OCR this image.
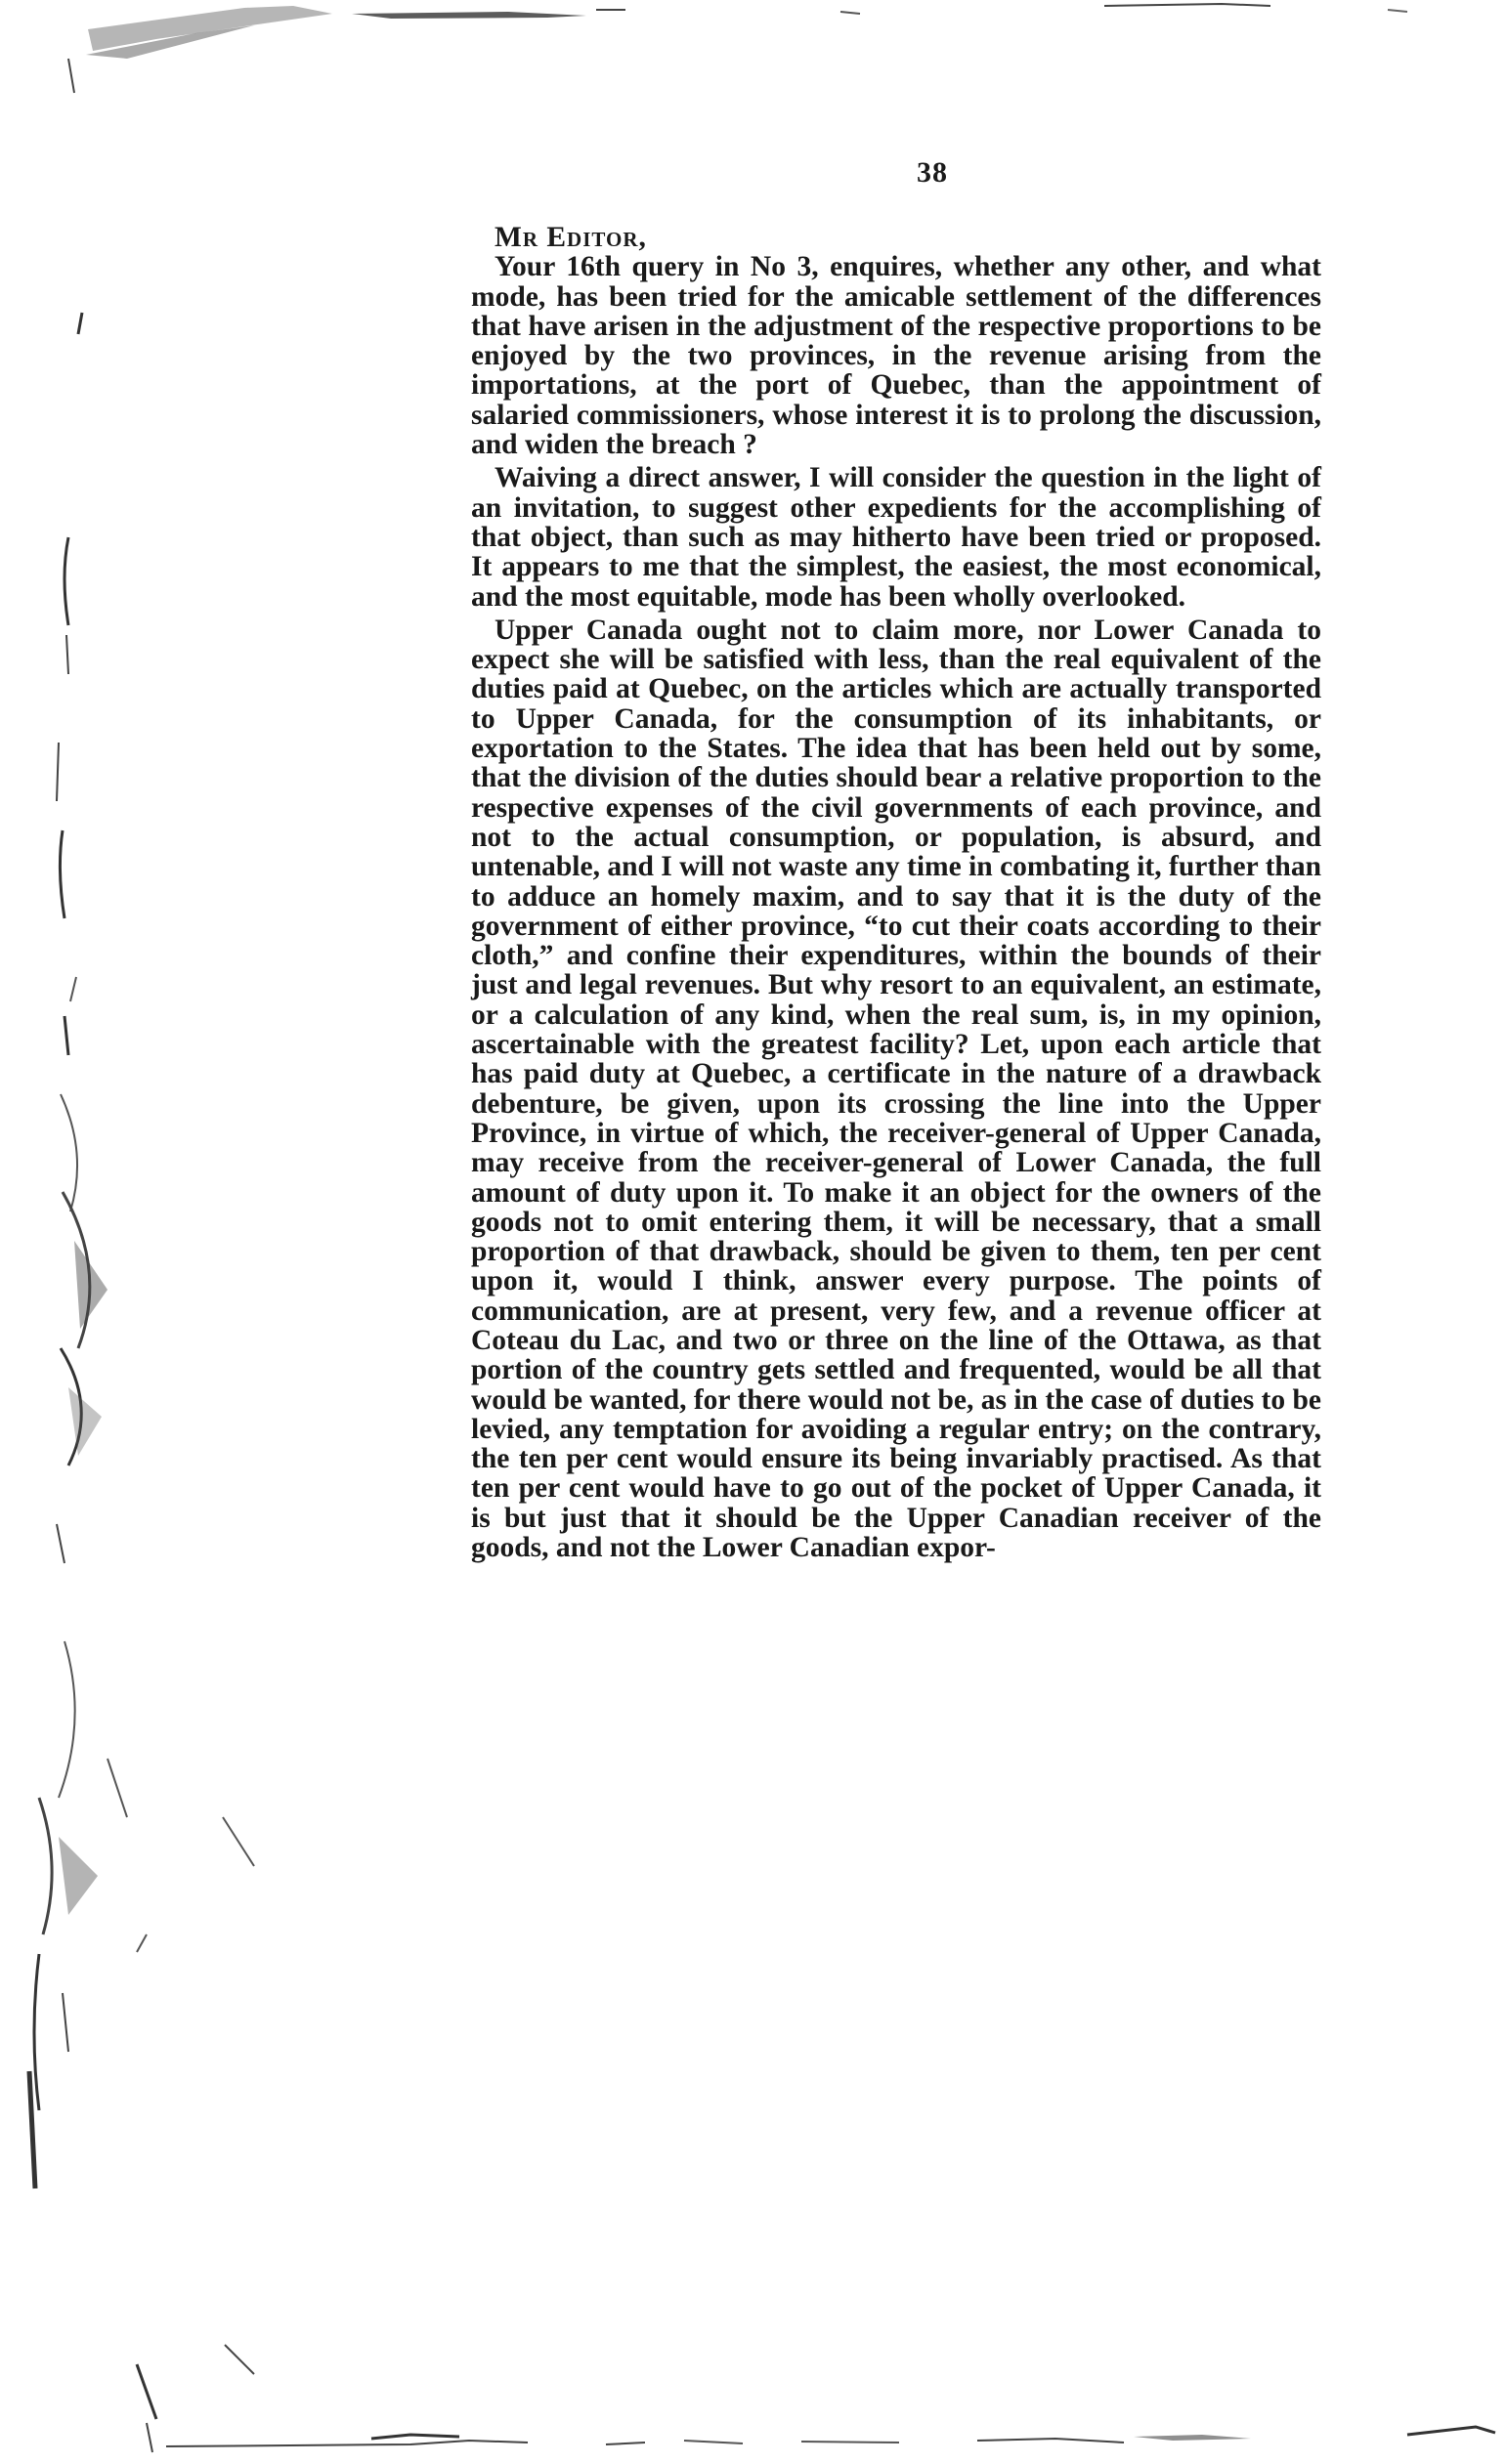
38

Mr Editor,

Your 16th query in No 3, enquires, whether any other, and what mode, has been tried for the amicable settlement of the differences that have arisen in the adjustment of the respective proportions to be enjoyed by the two provinces, in the revenue arising from the importations, at the port of Quebec, than the appointment of salaried commissioners, whose interest it is to prolong the discussion, and widen the breach ?

Waiving a direct answer, I will consider the question in the light of an invitation, to suggest other expedients for the accomplishing of that object, than such as may hitherto have been tried or proposed. It appears to me that the simplest, the easiest, the most economical, and the most equitable, mode has been wholly overlooked.

Upper Canada ought not to claim more, nor Lower Canada to expect she will be satisfied with less, than the real equivalent of the duties paid at Quebec, on the articles which are actually transported to Upper Canada, for the consumption of its inhabitants, or exportation to the States. The idea that has been held out by some, that the division of the duties should bear a relative proportion to the respective expenses of the civil governments of each province, and not to the actual consumption, or population, is absurd, and untenable, and I will not waste any time in combating it, further than to adduce an homely maxim, and to say that it is the duty of the government of either province, “to cut their coats according to their cloth,” and confine their expenditures, within the bounds of their just and legal revenues. But why resort to an equivalent, an estimate, or a calculation of any kind, when the real sum, is, in my opinion, ascertainable with the greatest facility? Let, upon each article that has paid duty at Quebec, a certificate in the nature of a drawback debenture, be given, upon its crossing the line into the Upper Province, in virtue of which, the receiver-general of Upper Canada, may receive from the receiver-general of Lower Canada, the full amount of duty upon it. To make it an object for the owners of the goods not to omit entering them, it will be necessary, that a small proportion of that drawback, should be given to them, ten per cent upon it, would I think, answer every purpose. The points of communication, are at present, very few, and a revenue officer at Coteau du Lac, and two or three on the line of the Ottawa, as that portion of the country gets settled and frequented, would be all that would be wanted, for there would not be, as in the case of duties to be levied, any temptation for avoiding a regular entry; on the contrary, the ten per cent would ensure its being invariably practised. As that ten per cent would have to go out of the pocket of Upper Canada, it is but just that it should be the Upper Canadian receiver of the goods, and not the Lower Canadian expor-
